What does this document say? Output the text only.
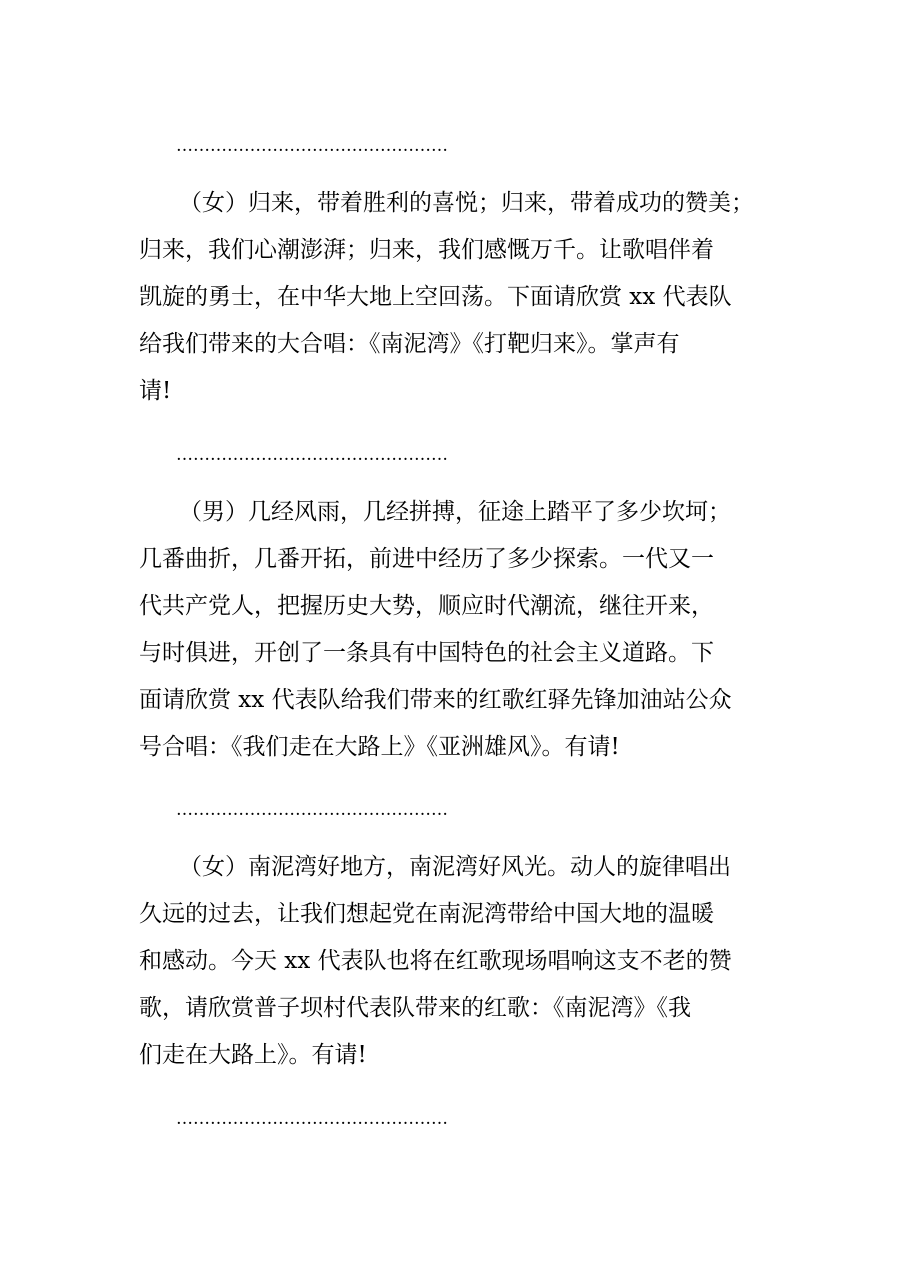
…………………………………………
（女）归来，带着胜利的喜悦；归来，带着成功的赞美；
归来，我们心潮澎湃；归来，我们感慨万千。让歌唱伴着
凯旋的勇士，在中华大地上空回荡。下面请欣赏 xx 代表队
给我们带来的大合唱：《南泥湾》《打靶归来》。掌声有
请!
…………………………………………
（男）几经风雨，几经拼搏，征途上踏平了多少坎坷；
几番曲折，几番开拓，前进中经历了多少探索。一代又一
代共产党人，把握历史大势，顺应时代潮流，继往开来，
与时俱进，开创了一条具有中国特色的社会主义道路。下
面请欣赏 xx 代表队给我们带来的红歌红驿先锋加油站公众
号合唱：《我们走在大路上》《亚洲雄风》。有请!
…………………………………………
（女）南泥湾好地方，南泥湾好风光。动人的旋律唱出
久远的过去，让我们想起党在南泥湾带给中国大地的温暖
和感动。今天 xx 代表队也将在红歌现场唱响这支不老的赞
歌，请欣赏普子坝村代表队带来的红歌：《南泥湾》《我
们走在大路上》。有请!
…………………………………………
